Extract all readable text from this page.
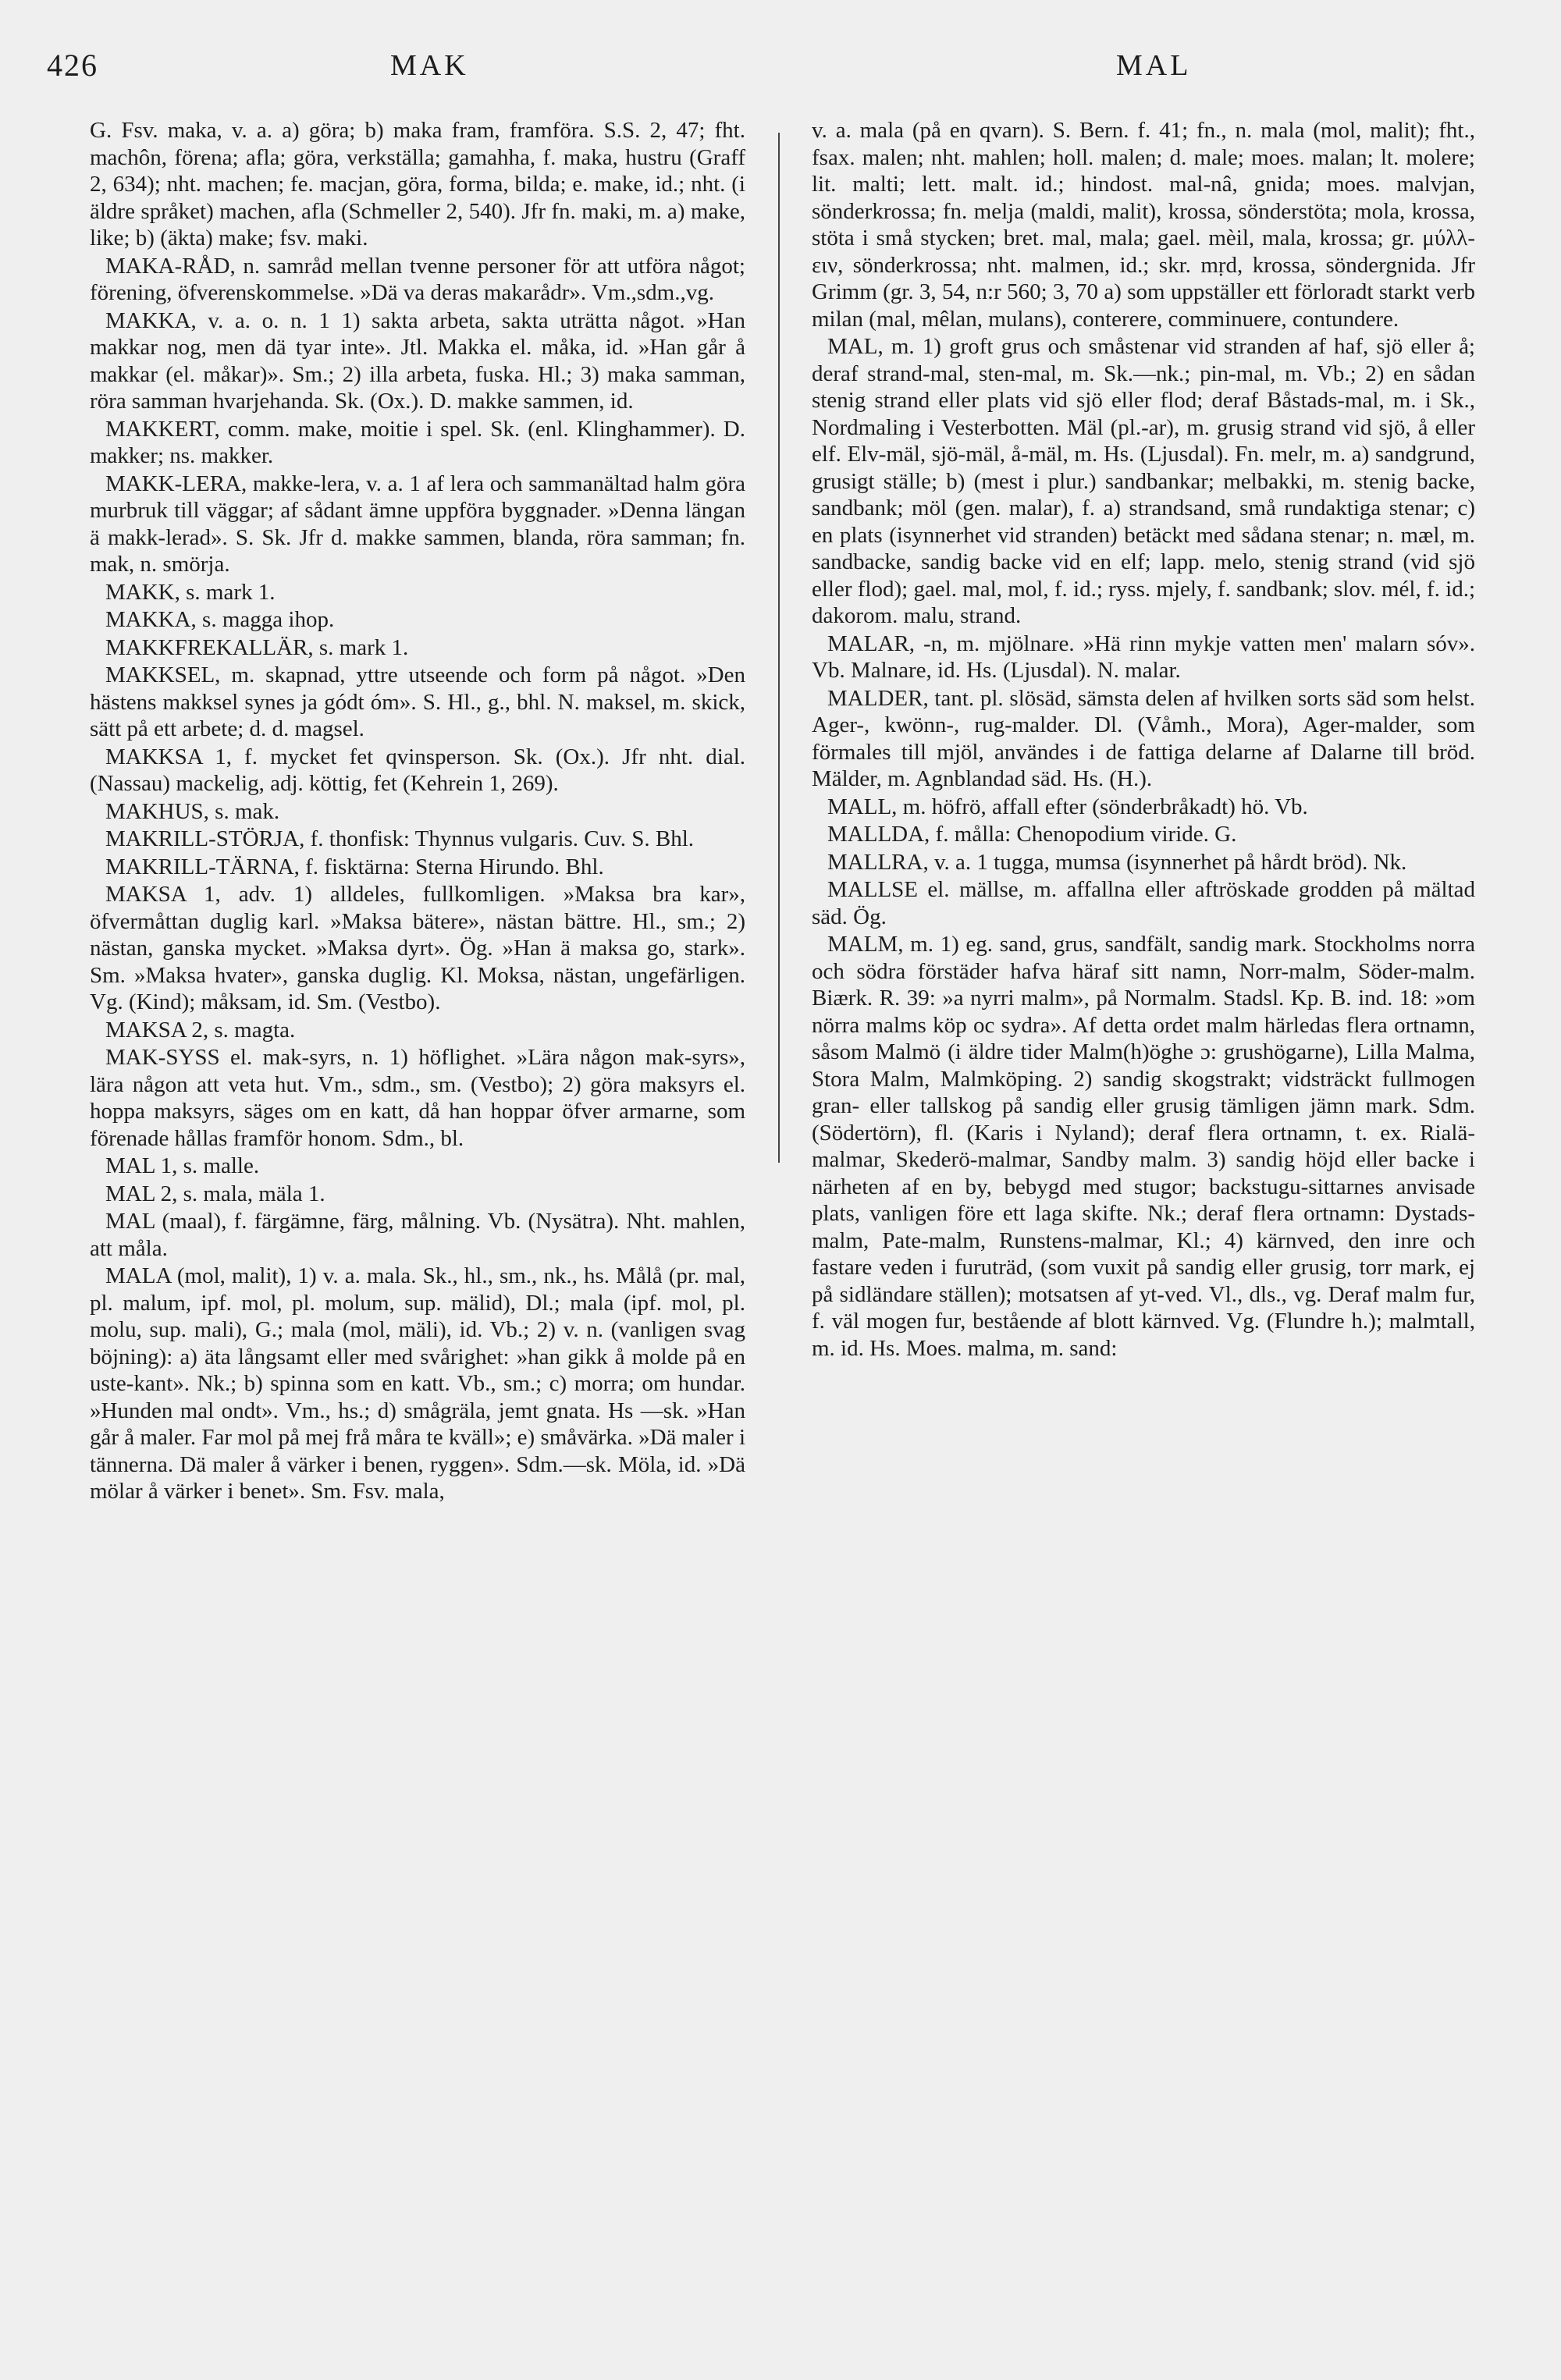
426	MAK	MAL

G. Fsv. maka, v. a. a) göra; b) maka fram, framföra. S.S. 2, 47; fht. machôn, förena; afla; göra, verkställa; gamahha, f. maka, hustru (Graff 2, 634); nht. machen; fe. macjan, göra, forma, bilda; e. make, id.; nht. (i äldre språket) machen, afla (Schmeller 2, 540). Jfr fn. maki, m. a) make, like; b) (äkta) make; fsv. maki.

MAKA-RÅD, n. samråd mellan tvenne personer för att utföra något; förening, öfverenskommelse. »Dä va deras makarådr». Vm.,sdm.,vg.

MAKKA, v. a. o. n. 1 1) sakta arbeta, sakta uträtta något. »Han makkar nog, men dä tyar inte». Jtl. Makka el. måka, id. »Han går å makkar (el. måkar)». Sm.; 2) illa arbeta, fuska. Hl.; 3) maka samman, röra samman hvarjehanda. Sk. (Ox.). D. makke sammen, id.

MAKKERT, comm. make, moitie i spel. Sk. (enl. Klinghammer). D. makker; ns. makker.

MAKK-LERA, makke-lera, v. a. 1 af lera och sammanältad halm göra murbruk till väggar; af sådant ämne uppföra byggnader. »Denna längan ä makk-lerad». S. Sk. Jfr d. makke sammen, blanda, röra samman; fn. mak, n. smörja.

MAKK, s. mark 1.

MAKKA, s. magga ihop.

MAKKFREKALLÄR, s. mark 1.

MAKKSEL, m. skapnad, yttre utseende och form på något. »Den hästens makksel synes ja gódt óm». S. Hl., g., bhl. N. maksel, m. skick, sätt på ett arbete; d. d. magsel.

MAKKSA 1, f. mycket fet qvinsperson. Sk. (Ox.). Jfr nht. dial. (Nassau) mackelig, adj. köttig, fet (Kehrein 1, 269).

MAKHUS, s. mak.

MAKRILL-STÖRJA, f. thonfisk: Thynnus vulgaris. Cuv. S. Bhl.

MAKRILL-TÄRNA, f. fisktärna: Sterna Hirundo. Bhl.

MAKSA 1, adv. 1) alldeles, fullkomligen. »Maksa bra kar», öfvermåttan duglig karl. »Maksa bätere», nästan bättre. Hl., sm.; 2) nästan, ganska mycket. »Maksa dyrt». Ög. »Han ä maksa go, stark». Sm. »Maksa hvater», ganska duglig. Kl. Moksa, nästan, ungefärligen. Vg. (Kind); måksam, id. Sm. (Vestbo).

MAKSA 2, s. magta.

MAK-SYSS el. mak-syrs, n. 1) höflighet. »Lära någon mak-syrs», lära någon att veta hut. Vm., sdm., sm. (Vestbo); 2) göra maksyrs el. hoppa maksyrs, säges om en katt, då han hoppar öfver armarne, som förenade hållas framför honom. Sdm., bl.

MAL 1, s. malle.

MAL 2, s. mala, mäla 1.

MAL (maal), f. färgämne, färg, målning. Vb. (Nysätra). Nht. mahlen, att måla.

MALA (mol, malit), 1) v. a. mala. Sk., hl., sm., nk., hs. Målå (pr. mal, pl. malum, ipf. mol, pl. molum, sup. mälid), Dl.; mala (ipf. mol, pl. molu, sup. mali), G.; mala (mol, mäli), id. Vb.; 2) v. n. (vanligen svag böjning): a) äta långsamt eller med svårighet: »han gikk å molde på en uste-kant». Nk.; b) spinna som en katt. Vb., sm.; c) morra; om hundar. »Hunden mal ondt». Vm., hs.; d) smågräla, jemt gnata. Hs —sk. »Han går å maler. Far mol på mej frå måra te kväll»; e) småvärka. »Dä maler i tännerna. Dä maler å värker i benen, ryggen». Sdm.—sk. Möla, id. »Dä mölar å värker i benet». Sm. Fsv. mala,

v. a. mala (på en qvarn). S. Bern. f. 41; fn., n. mala (mol, malit); fht., fsax. malen; nht. mahlen; holl. malen; d. male; moes. malan; lt. molere; lit. malti; lett. malt. id.; hindost. mal-nâ, gnida; moes. malvjan, sönderkrossa; fn. melja (maldi, malit), krossa, sönderstöta; mola, krossa, stöta i små stycken; bret. mal, mala; gael. mèil, mala, krossa; gr. μύλλ-ειν, sönderkrossa; nht. malmen, id.; skr. mṛd, krossa, söndergnida. Jfr Grimm (gr. 3, 54, n:r 560; 3, 70 a) som uppställer ett förloradt starkt verb milan (mal, mêlan, mulans), conterere, comminuere, contundere.

MAL, m. 1) groft grus och småstenar vid stranden af haf, sjö eller å; deraf strand-mal, sten-mal, m. Sk.—nk.; pin-mal, m. Vb.; 2) en sådan stenig strand eller plats vid sjö eller flod; deraf Båstads-mal, m. i Sk., Nordmaling i Vesterbotten. Mäl (pl.-ar), m. grusig strand vid sjö, å eller elf. Elv-mäl, sjö-mäl, å-mäl, m. Hs. (Ljusdal). Fn. melr, m. a) sandgrund, grusigt ställe; b) (mest i plur.) sandbankar; melbakki, m. stenig backe, sandbank; möl (gen. malar), f. a) strandsand, små rundaktiga stenar; c) en plats (isynnerhet vid stranden) betäckt med sådana stenar; n. mæl, m. sandbacke, sandig backe vid en elf; lapp. melo, stenig strand (vid sjö eller flod); gael. mal, mol, f. id.; ryss. mjely, f. sandbank; slov. mél, f. id.; dakorom. malu, strand.

MALAR, -n, m. mjölnare. »Hä rinn mykje vatten men' malarn sóv». Vb. Malnare, id. Hs. (Ljusdal). N. malar.

MALDER, tant. pl. slösäd, sämsta delen af hvilken sorts säd som helst. Ager-, kwönn-, rug-malder. Dl. (Våmh., Mora), Ager-malder, som förmales till mjöl, användes i de fattiga delarne af Dalarne till bröd. Mälder, m. Agnblandad säd. Hs. (H.).

MALL, m. höfrö, affall efter (sönderbråkadt) hö. Vb.

MALLDA, f. målla: Chenopodium viride. G.

MALLRA, v. a. 1 tugga, mumsa (isynnerhet på hårdt bröd). Nk.

MALLSE el. mällse, m. affallna eller aftröskade grodden på mältad säd. Ög.

MALM, m. 1) eg. sand, grus, sandfält, sandig mark. Stockholms norra och södra förstäder hafva häraf sitt namn, Norr-malm, Söder-malm. Biærk. R. 39: »a nyrri malm», på Normalm. Stadsl. Kp. B. ind. 18: »om nörra malms köp oc sydra». Af detta ordet malm härledas flera ortnamn, såsom Malmö (i äldre tider Malm(h)öghe ɔ: grushögarne), Lilla Malma, Stora Malm, Malmköping. 2) sandig skogstrakt; vidsträckt fullmogen gran- eller tallskog på sandig eller grusig tämligen jämn mark. Sdm. (Södertörn), fl. (Karis i Nyland); deraf flera ortnamn, t. ex. Rialä-malmar, Skederö-malmar, Sandby malm. 3) sandig höjd eller backe i närheten af en by, bebygd med stugor; backstugu-sittarnes anvisade plats, vanligen före ett laga skifte. Nk.; deraf flera ortnamn: Dystads-malm, Pate-malm, Runstens-malmar, Kl.; 4) kärnved, den inre och fastare veden i furuträd, (som vuxit på sandig eller grusig, torr mark, ej på sidländare ställen); motsatsen af yt-ved. Vl., dls., vg. Deraf malm fur, f. väl mogen fur, bestående af blott kärnved. Vg. (Flundre h.); malmtall, m. id. Hs. Moes. malma, m. sand:
